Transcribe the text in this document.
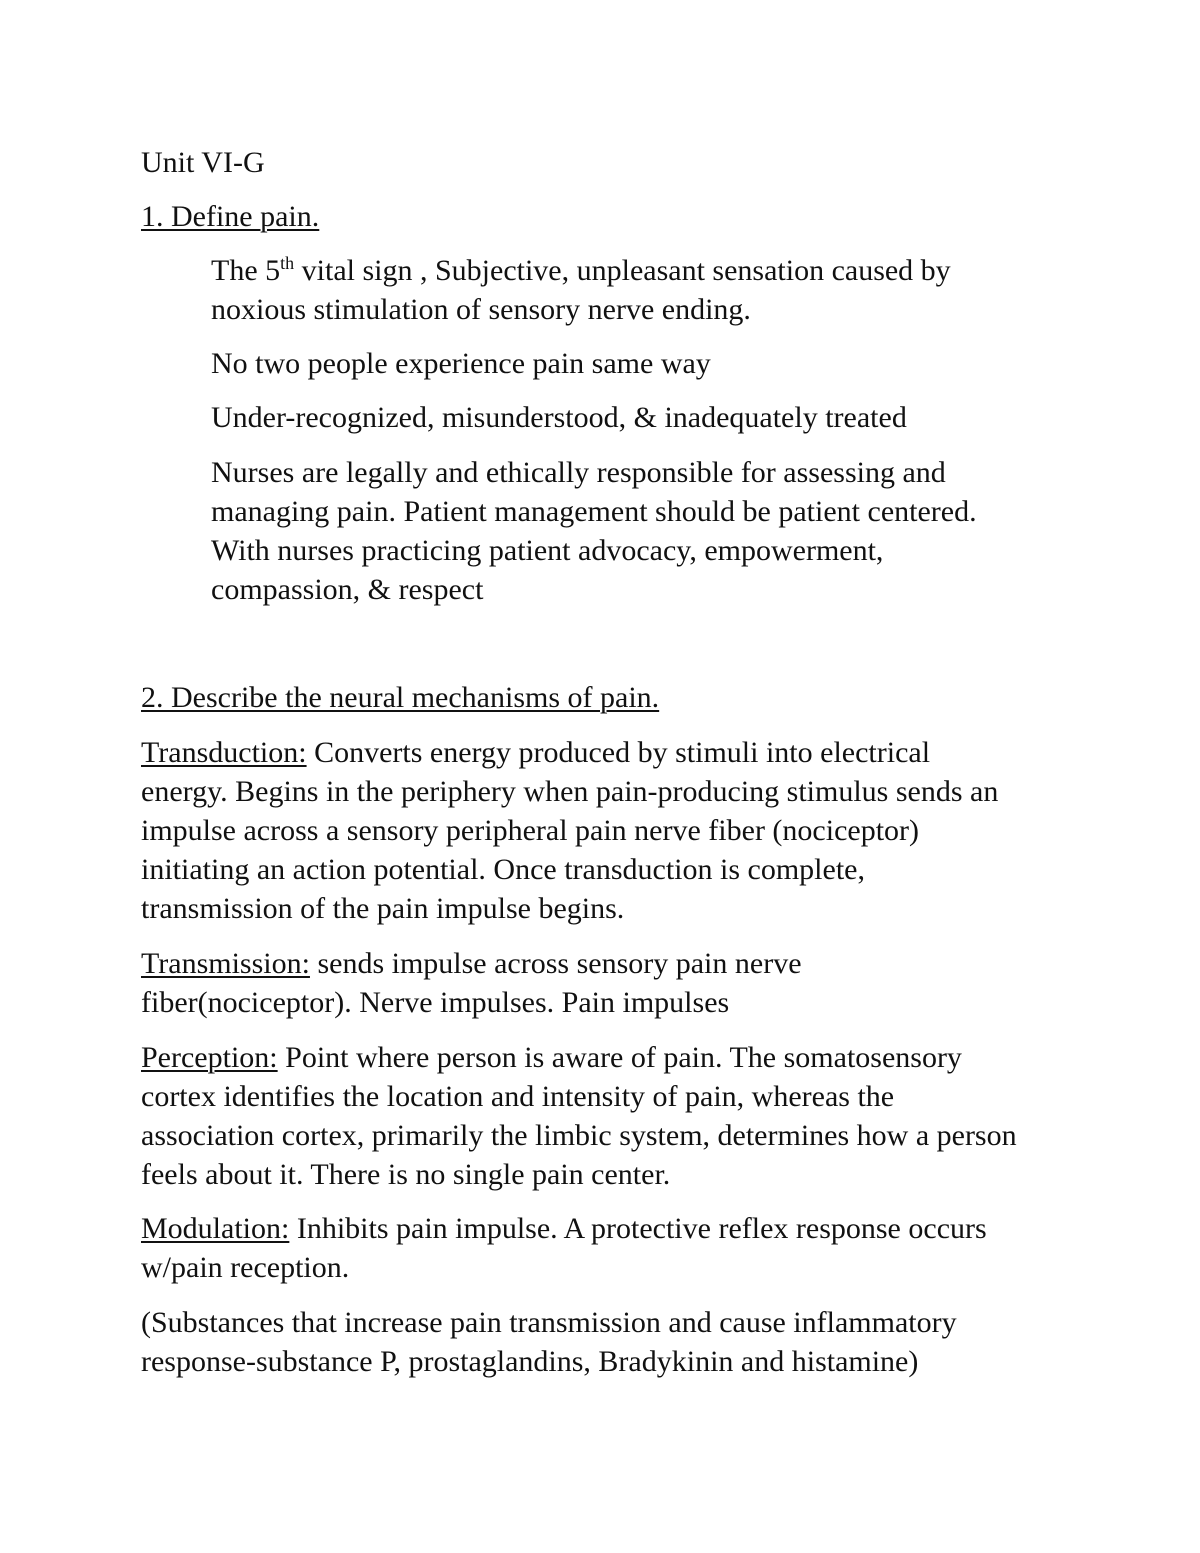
Unit VI-G
1. Define pain.
The 5th vital sign , Subjective, unpleasant sensation caused by
noxious stimulation of sensory nerve ending.
No two people experience pain same way
Under-recognized, misunderstood, & inadequately treated
Nurses are legally and ethically responsible for assessing and
managing pain. Patient management should be patient centered.
With nurses practicing patient advocacy, empowerment,
compassion, & respect
2. Describe the neural mechanisms of pain.
Transduction: Converts energy produced by stimuli into electrical
energy. Begins in the periphery when pain-producing stimulus sends an
impulse across a sensory peripheral pain nerve fiber (nociceptor)
initiating an action potential. Once transduction is complete,
transmission of the pain impulse begins.
Transmission: sends impulse across sensory pain nerve
fiber(nociceptor). Nerve impulses. Pain impulses
Perception: Point where person is aware of pain. The somatosensory
cortex identifies the location and intensity of pain, whereas the
association cortex, primarily the limbic system, determines how a person
feels about it. There is no single pain center.
Modulation: Inhibits pain impulse. A protective reflex response occurs
w/pain reception.
(Substances that increase pain transmission and cause inflammatory
response-substance P, prostaglandins, Bradykinin and histamine)
